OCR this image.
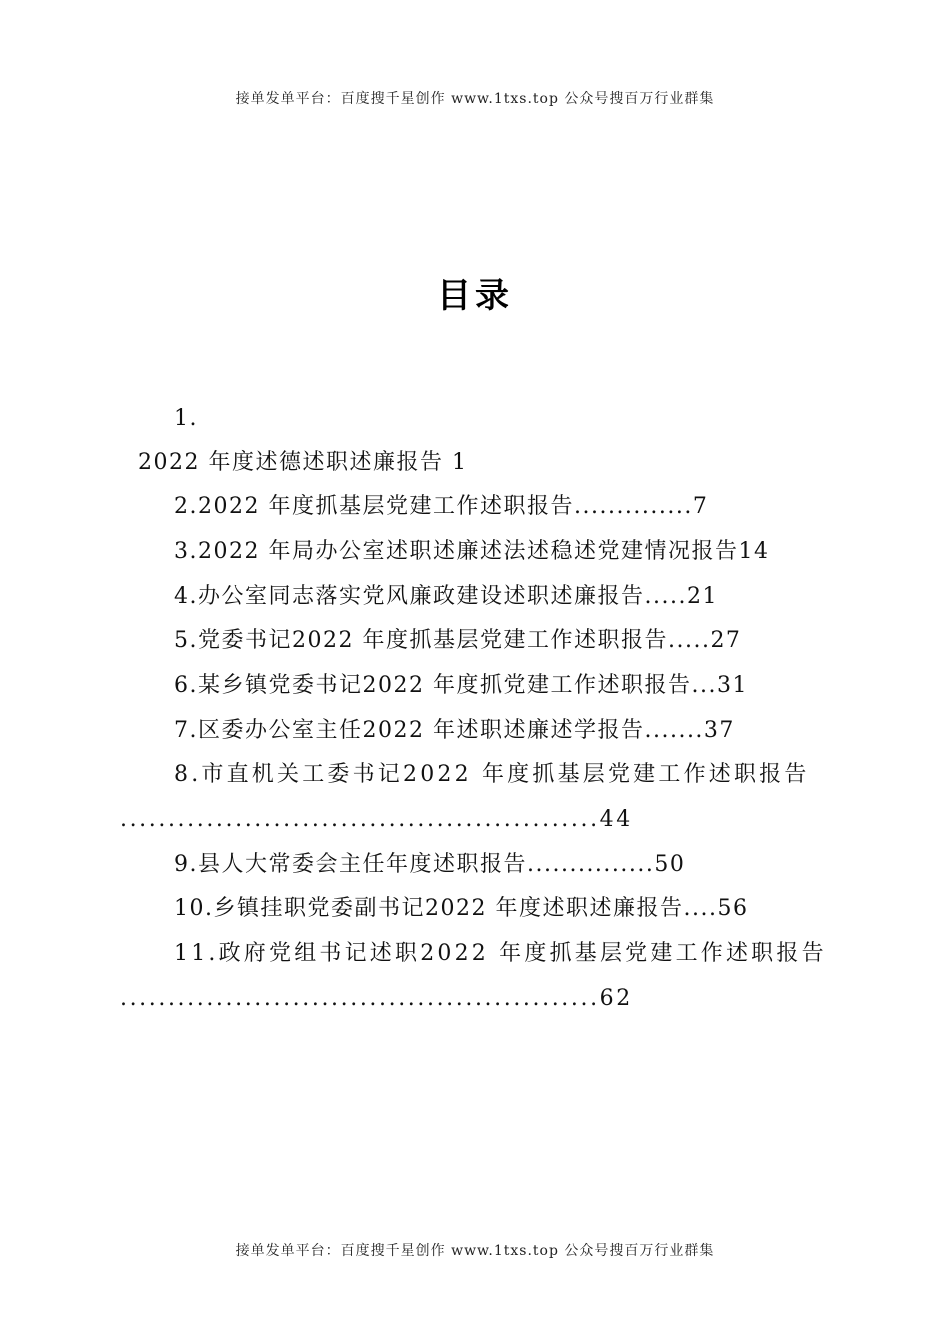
接单发单平台：百度搜千星创作 www.1txs.top 公众号搜百万行业群集
目录
1.
2022 年度述德述职述廉报告 1
2.2022 年度抓基层党建工作述职报告..............7
3.2022 年局办公室述职述廉述法述稳述党建情况报告14
4.办公室同志落实党风廉政建设述职述廉报告.....21
5.党委书记2022 年度抓基层党建工作述职报告.....27
6.某乡镇党委书记2022 年度抓党建工作述职报告...31
7.区委办公室主任2022 年述职述廉述学报告.......37
8.市直机关工委书记2022 年度抓基层党建工作述职报告
..................................................44
9.县人大常委会主任年度述职报告...............50
10.乡镇挂职党委副书记2022 年度述职述廉报告....56
11.政府党组书记述职2022 年度抓基层党建工作述职报告
..................................................62
接单发单平台：百度搜千星创作 www.1txs.top 公众号搜百万行业群集
